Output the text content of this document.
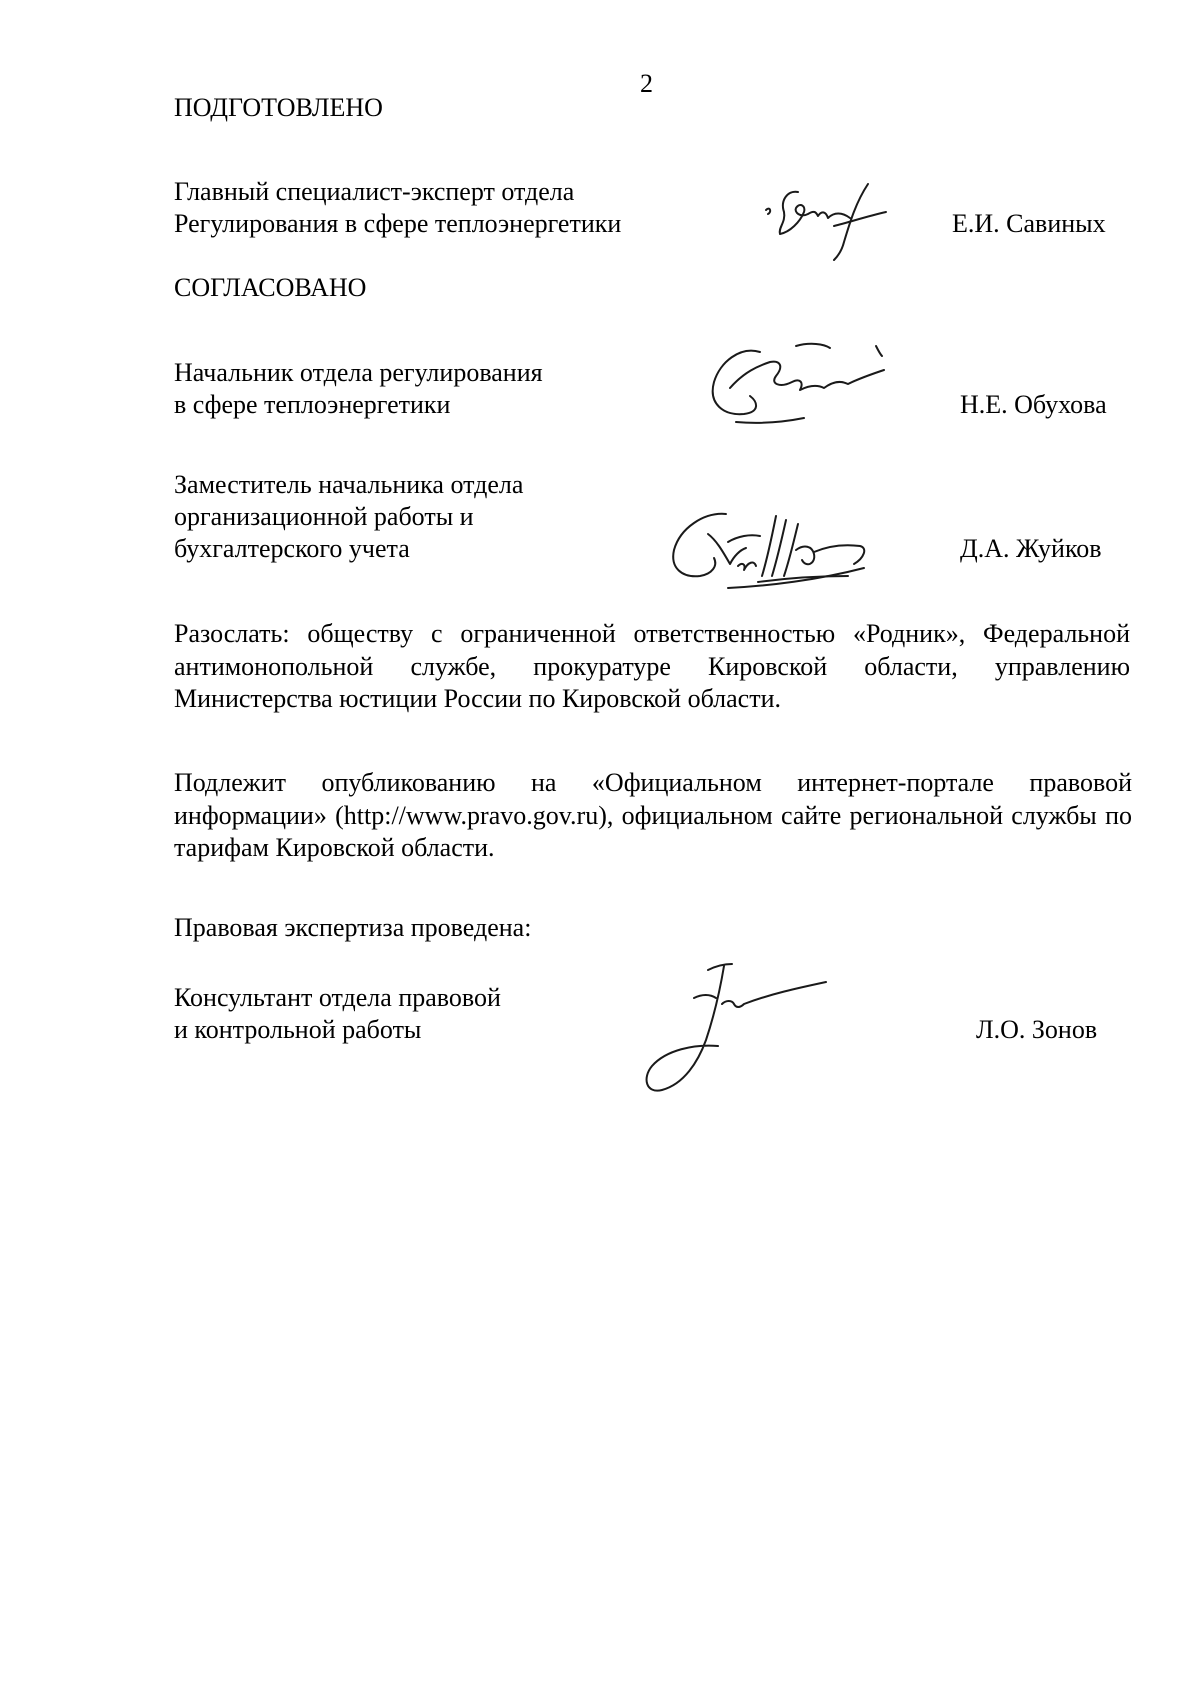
2
ПОДГОТОВЛЕНО
Главный специалист-эксперт отдела
Регулирования в сфере теплоэнергетики	Е.И. Савиных
СОГЛАСОВАНО
Начальник отдела регулирования
в сфере теплоэнергетики	Н.Е. Обухова
Заместитель начальника отдела
организационной работы и
бухгалтерского учета	Д.А. Жуйков

Разослать: обществу с ограниченной ответственностью «Родник», Федеральной антимонопольной службе, прокуратуре Кировской области, управлению Министерства юстиции России по Кировской области.

Подлежит опубликованию на «Официальном интернет-портале правовой информации» (http://www.pravo.gov.ru), официальном сайте региональной службы по тарифам Кировской области.

Правовая экспертиза проведена:
Консультант отдела правовой
и контрольной работы	Л.О. Зонов
